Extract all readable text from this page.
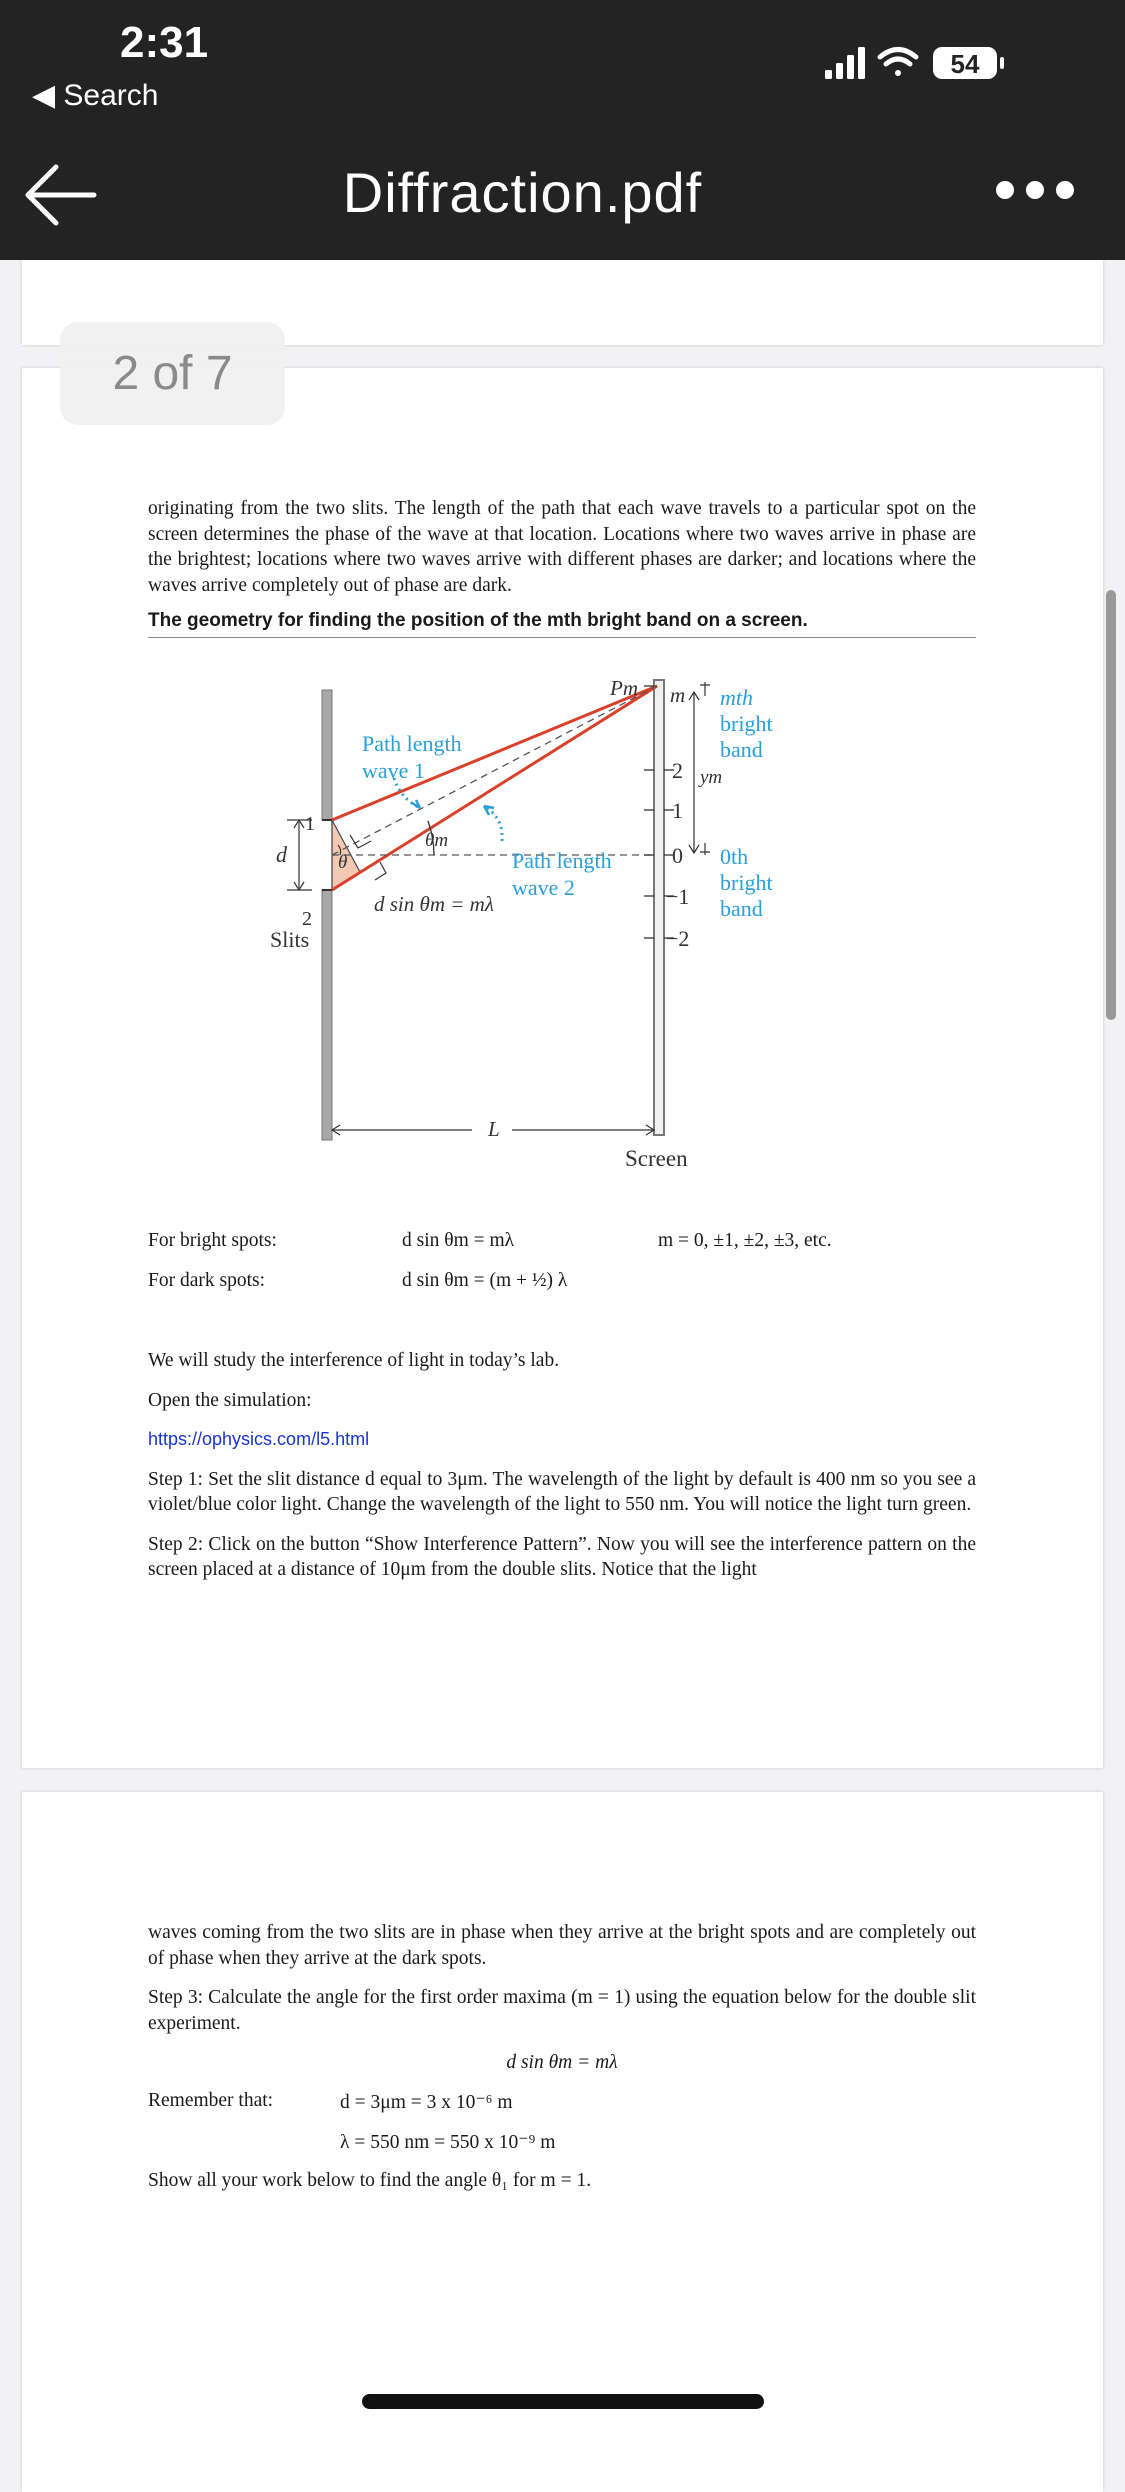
2:31
◀ Search
54
Diffraction.pdf

originating from the two slits. The length of the path that each wave travels to a particular spot on the screen determines the phase of the wave at that location. Locations where two waves arrive in phase are the brightest; locations where two waves arrive with different phases are darker; and locations where the waves arrive completely out of phase are dark.

The geometry for finding the position of the mth bright band on a screen.
Path length
wave 1
Path length
wave 2
mth
bright
band
0th
bright
band
Pm m
ym
1
2
Slits
d	θ
θm
d sin θm = mλ
L
Screen
2
1
0
−1
−2
For bright spots:	d sin θm = mλ	m = 0, ±1, ±2, ±3, etc.
For dark spots:	d sin θm = (m + ½) λ

We will study the interference of light in today’s lab.

Open the simulation:

https://ophysics.com/l5.html

Step 1: Set the slit distance d equal to 3μm. The wavelength of the light by default is 400 nm so you see a violet/blue color light. Change the wavelength of the light to 550 nm. You will notice the light turn green.

Step 2: Click on the button “Show Interference Pattern”. Now you will see the interference pattern on the screen placed at a distance of 10μm from the double slits. Notice that the light

waves coming from the two slits are in phase when they arrive at the bright spots and are completely out of phase when they arrive at the dark spots.

Step 3: Calculate the angle for the first order maxima (m = 1) using the equation below for the double slit experiment.

d sin θm = mλ

Remember that:	d = 3μm = 3 x 10⁻⁶ m
λ = 550 nm = 550 x 10⁻⁹ m
Show all your work below to find the angle θ₁ for m = 1.
2 of 7
